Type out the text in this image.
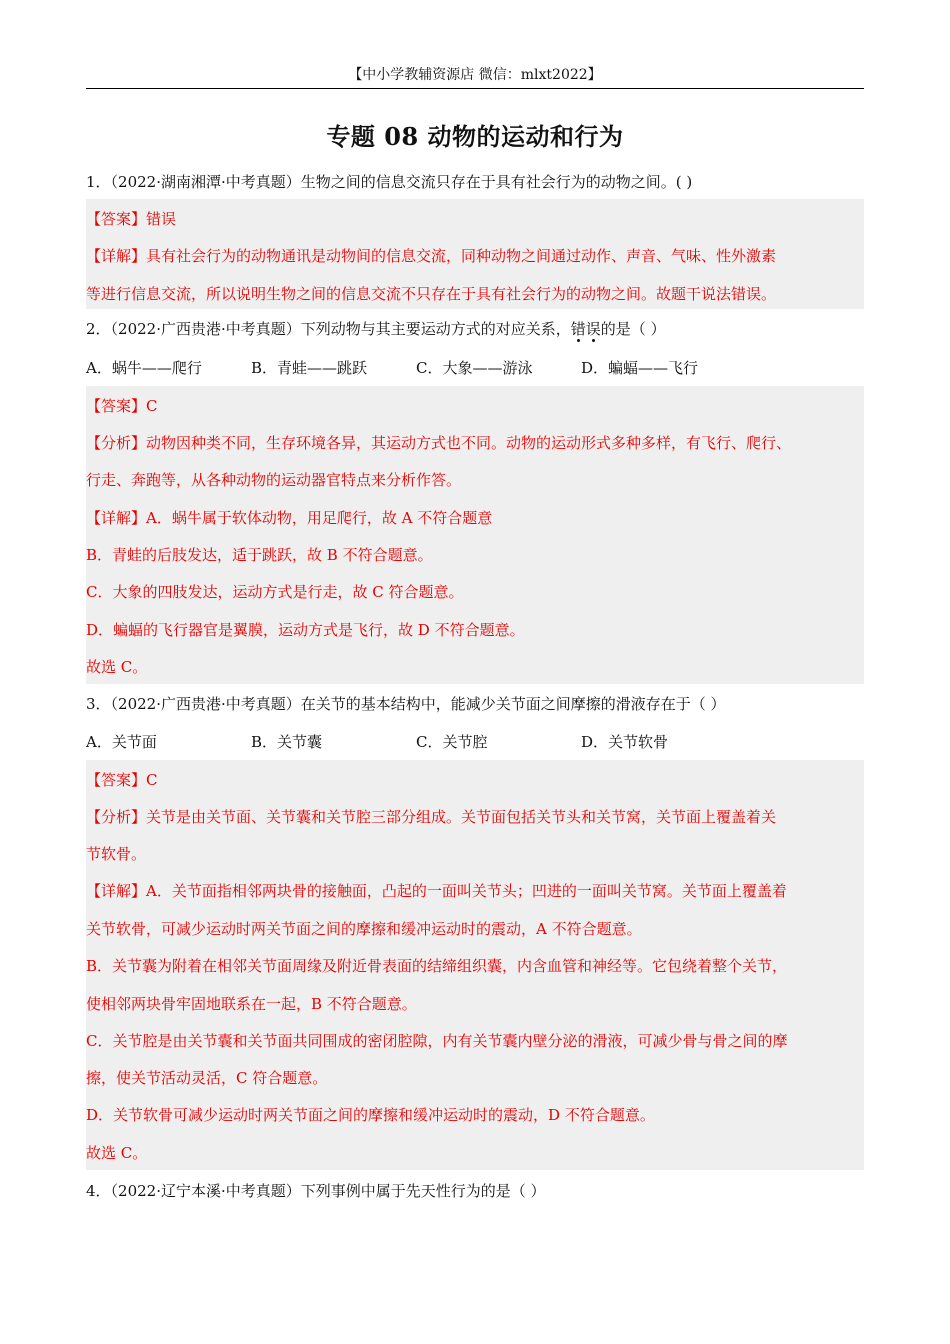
【中小学教辅资源店 微信：mlxt2022】
专题 08 动物的运动和行为
1．（2022·湖南湘潭·中考真题）生物之间的信息交流只存在于具有社会行为的动物之间。( )
【答案】错误
【详解】具有社会行为的动物通讯是动物间的信息交流，同种动物之间通过动作、声音、气味、性外激素
等进行信息交流，所以说明生物之间的信息交流不只存在于具有社会行为的动物之间。故题干说法错误。
2．（2022·广西贵港·中考真题）下列动物与其主要运动方式的对应关系，错误的是（ ）
A．蜗牛——爬行	B．青蛙——跳跃	C．大象——游泳	D．蝙蝠——飞行
【答案】C
【分析】动物因种类不同，生存环境各异，其运动方式也不同。动物的运动形式多种多样，有飞行、爬行、
行走、奔跑等，从各种动物的运动器官特点来分析作答。
【详解】A．蜗牛属于软体动物，用足爬行，故 A 不符合题意
B．青蛙的后肢发达，适于跳跃，故 B 不符合题意。
C．大象的四肢发达，运动方式是行走，故 C 符合题意。
D．蝙蝠的飞行器官是翼膜，运动方式是飞行，故 D 不符合题意。
故选 C。
3．（2022·广西贵港·中考真题）在关节的基本结构中，能减少关节面之间摩擦的滑液存在于（ ）
A．关节面	B．关节囊	C．关节腔	D．关节软骨
【答案】C
【分析】关节是由关节面、关节囊和关节腔三部分组成。关节面包括关节头和关节窝，关节面上覆盖着关
节软骨。
【详解】A．关节面指相邻两块骨的接触面，凸起的一面叫关节头；凹进的一面叫关节窝。关节面上覆盖着
关节软骨，可减少运动时两关节面之间的摩擦和缓冲运动时的震动，A 不符合题意。
B．关节囊为附着在相邻关节面周缘及附近骨表面的结缔组织囊，内含血管和神经等。它包绕着整个关节，
使相邻两块骨牢固地联系在一起，B 不符合题意。
C．关节腔是由关节囊和关节面共同围成的密闭腔隙，内有关节囊内壁分泌的滑液，可减少骨与骨之间的摩
擦，使关节活动灵活，C 符合题意。
D．关节软骨可减少运动时两关节面之间的摩擦和缓冲运动时的震动，D 不符合题意。
故选 C。
4．（2022·辽宁本溪·中考真题）下列事例中属于先天性行为的是（ ）
